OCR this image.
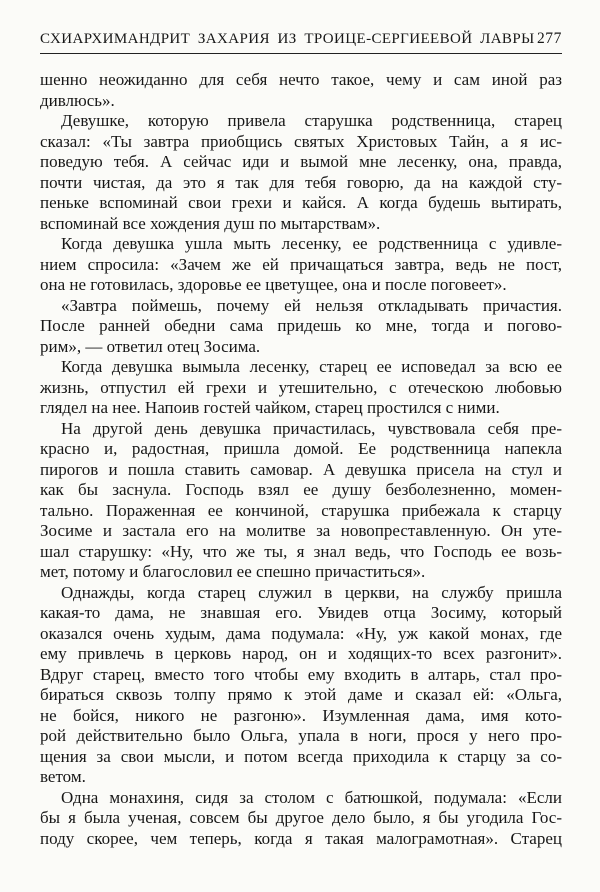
СХИАРХИМАНДРИТ ЗАХАРИЯ ИЗ ТРОИЦЕ-СЕРГИЕЕВОЙ ЛАВРЫ 277
шенно неожиданно для себя нечто такое, чему и сам иной раз
дивлюсь».
Девушке, которую привела старушка родственница, старец
сказал: «Ты завтра приобщись святых Христовых Тайн, а я ис-
поведую тебя. А сейчас иди и вымой мне лесенку, она, правда,
почти чистая, да это я так для тебя говорю, да на каждой сту-
пеньке вспоминай свои грехи и кайся. А когда будешь вытирать,
вспоминай все хождения душ по мытарствам».
Когда девушка ушла мыть лесенку, ее родственница с удивле-
нием спросила: «Зачем же ей причащаться завтра, ведь не пост,
она не готовилась, здоровье ее цветущее, она и после поговеет».
«Завтра поймешь, почему ей нельзя откладывать причастия.
После ранней обедни сама придешь ко мне, тогда и погово-
рим», — ответил отец Зосима.
Когда девушка вымыла лесенку, старец ее исповедал за всю ее
жизнь, отпустил ей грехи и утешительно, с отеческою любовью
глядел на нее. Напоив гостей чайком, старец простился с ними.
На другой день девушка причастилась, чувствовала себя пре-
красно и, радостная, пришла домой. Ее родственница напекла
пирогов и пошла ставить самовар. А девушка присела на стул и
как бы заснула. Господь взял ее душу безболезненно, момен-
тально. Пораженная ее кончиной, старушка прибежала к старцу
Зосиме и застала его на молитве за новопреставленную. Он уте-
шал старушку: «Ну, что же ты, я знал ведь, что Господь ее возь-
мет, потому и благословил ее спешно причаститься».
Однажды, когда старец служил в церкви, на службу пришла
какая-то дама, не знавшая его. Увидев отца Зосиму, который
оказался очень худым, дама подумала: «Ну, уж какой монах, где
ему привлечь в церковь народ, он и ходящих-то всех разгонит».
Вдруг старец, вместо того чтобы ему входить в алтарь, стал про-
бираться сквозь толпу прямо к этой даме и сказал ей: «Ольга,
не бойся, никого не разгоню». Изумленная дама, имя кото-
рой действительно было Ольга, упала в ноги, прося у него про-
щения за свои мысли, и потом всегда приходила к старцу за со-
ветом.
Одна монахиня, сидя за столом с батюшкой, подумала: «Если
бы я была ученая, совсем бы другое дело было, я бы угодила Гос-
поду скорее, чем теперь, когда я такая малограмотная». Старец
